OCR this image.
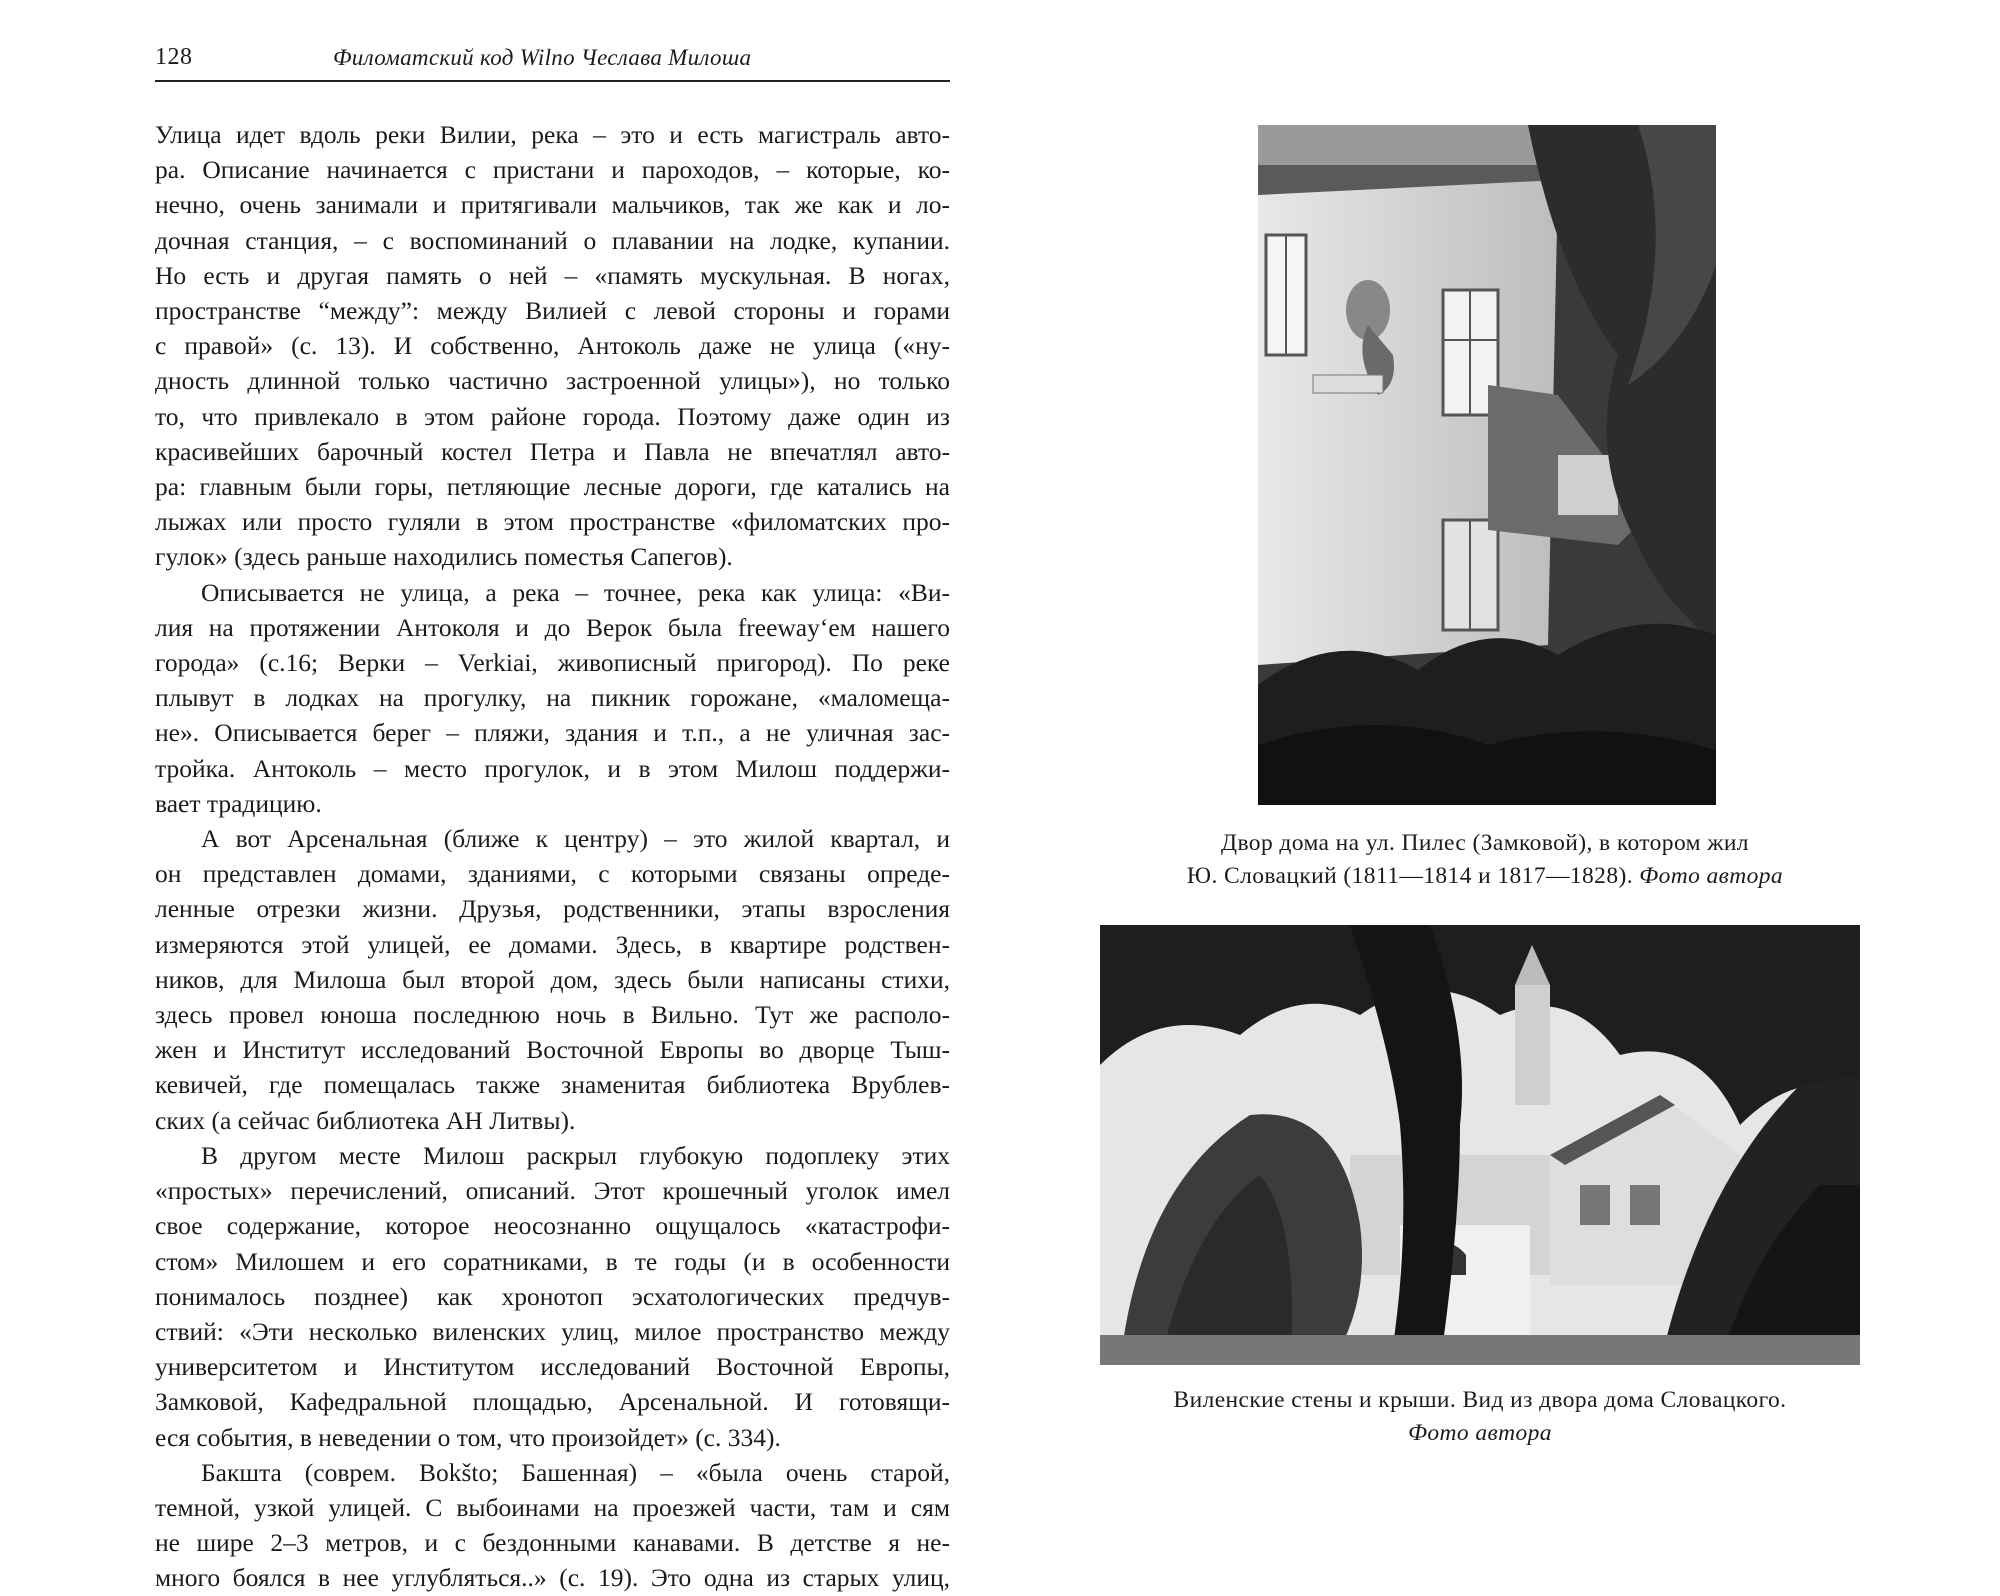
128	Филоматский код Wilno Чеслава Милоша

Улица идет вдоль реки Вилии, река – это и есть магистраль авто-
ра. Описание начинается с пристани и пароходов, – которые, ко-
нечно, очень занимали и притягивали мальчиков, так же как и ло-
дочная станция, – с воспоминаний о плавании на лодке, купании.
Но есть и другая память о ней – «память мускульная. В ногах,
пространстве “между”: между Вилией с левой стороны и горами
с правой» (с. 13). И собственно, Антоколь даже не улица («ну-
дность длинной только частично застроенной улицы»), но только
то, что привлекало в этом районе города. Поэтому даже один из
красивейших барочный костел Петра и Павла не впечатлял авто-
ра: главным были горы, петляющие лесные дороги, где катались на
лыжах или просто гуляли в этом пространстве «филоматских про-
гулок» (здесь раньше находились поместья Сапегов).

Описывается не улица, а река – точнее, река как улица: «Ви-
лия на протяжении Антоколя и до Верок была freeway‘ем нашего
города» (с.16; Верки – Verkiai, живописный пригород). По реке
плывут в лодках на прогулку, на пикник горожане, «маломеща-
не». Описывается берег – пляжи, здания и т.п., а не уличная зас-
тройка. Антоколь – место прогулок, и в этом Милош поддержи-
вает традицию.

А вот Арсенальная (ближе к центру) – это жилой квартал, и
он представлен домами, зданиями, с которыми связаны опреде-
ленные отрезки жизни. Друзья, родственники, этапы взросления
измеряются этой улицей, ее домами. Здесь, в квартире родствен-
ников, для Милоша был второй дом, здесь были написаны стихи,
здесь провел юноша последнюю ночь в Вильно. Тут же располо-
жен и Институт исследований Восточной Европы во дворце Тыш-
кевичей, где помещалась также знаменитая библиотека Врублев-
ских (а сейчас библиотека АН Литвы).

В другом месте Милош раскрыл глубокую подоплеку этих
«простых» перечислений, описаний. Этот крошечный уголок имел
свое содержание, которое неосознанно ощущалось «катастрофи-
стом» Милошем и его соратниками, в те годы (и в особенности
понималось позднее) как хронотоп эсхатологических предчув-
ствий: «Эти несколько виленских улиц, милое пространство между
университетом и Институтом исследований Восточной Европы,
Замковой, Кафедральной площадью, Арсенальной. И готовящи-
еся события, в неведении о том, что произойдет» (с. 334).

Бакшта (соврем. Bokšto; Башенная) – «была очень старой,
темной, узкой улицей. С выбоинами на проезжей части, там и сям
не шире 2–3 метров, и с бездонными канавами. В детстве я не-
много боялся в нее углубляться..» (с. 19). Это одна из старых улиц,

Двор дома на ул. Пилес (Замковой), в котором жил
Ю. Словацкий (1811—1814 и 1817—1828). Фото автора
Виленские стены и крыши. Вид из двора дома Словацкого.
Фото автора
